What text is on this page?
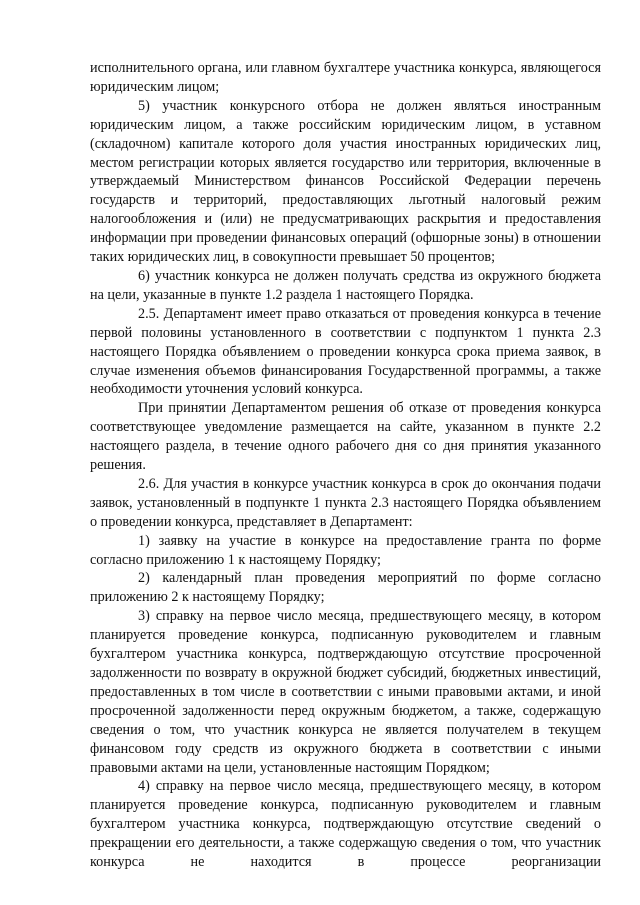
исполнительного органа, или главном бухгалтере участника конкурса, являющегося юридическим лицом;

5) участник конкурсного отбора не должен являться иностранным юридическим лицом, а также российским юридическим лицом, в уставном (складочном) капитале которого доля участия иностранных юридических лиц, местом регистрации которых является государство или территория, включенные в утверждаемый Министерством финансов Российской Федерации перечень государств и территорий, предоставляющих льготный налоговый режим налогообложения и (или) не предусматривающих раскрытия и предоставления информации при проведении финансовых операций (офшорные зоны) в отношении таких юридических лиц, в совокупности превышает 50 процентов;

6) участник конкурса не должен получать средства из окружного бюджета на цели, указанные в пункте 1.2 раздела 1 настоящего Порядка.

2.5. Департамент имеет право отказаться от проведения конкурса в течение первой половины установленного в соответствии с подпунктом 1 пункта 2.3 настоящего Порядка объявлением о проведении конкурса срока приема заявок, в случае изменения объемов финансирования Государственной программы, а также необходимости уточнения условий конкурса.

При принятии Департаментом решения об отказе от проведения конкурса соответствующее уведомление размещается на сайте, указанном в пункте 2.2 настоящего раздела, в течение одного рабочего дня со дня принятия указанного решения.

2.6. Для участия в конкурсе участник конкурса в срок до окончания подачи заявок, установленный в подпункте 1 пункта 2.3 настоящего Порядка объявлением о проведении конкурса, представляет в Департамент:

1) заявку на участие в конкурсе на предоставление гранта по форме согласно приложению 1 к настоящему Порядку;

2) календарный план проведения мероприятий по форме согласно приложению 2 к настоящему Порядку;

3) справку на первое число месяца, предшествующего месяцу, в котором планируется проведение конкурса, подписанную руководителем и главным бухгалтером участника конкурса, подтверждающую отсутствие просроченной задолженности по возврату в окружной бюджет субсидий, бюджетных инвестиций, предоставленных в том числе в соответствии с иными правовыми актами, и иной просроченной задолженности перед окружным бюджетом, а также, содержащую сведения о том, что участник конкурса не является получателем в текущем финансовом году средств из окружного бюджета в соответствии с иными правовыми актами на цели, установленные настоящим Порядком;

4) справку на первое число месяца, предшествующего месяцу, в котором планируется проведение конкурса, подписанную руководителем и главным бухгалтером участника конкурса, подтверждающую отсутствие сведений о прекращении его деятельности, а также содержащую сведения о том, что участник конкурса не находится в процессе реорганизации
